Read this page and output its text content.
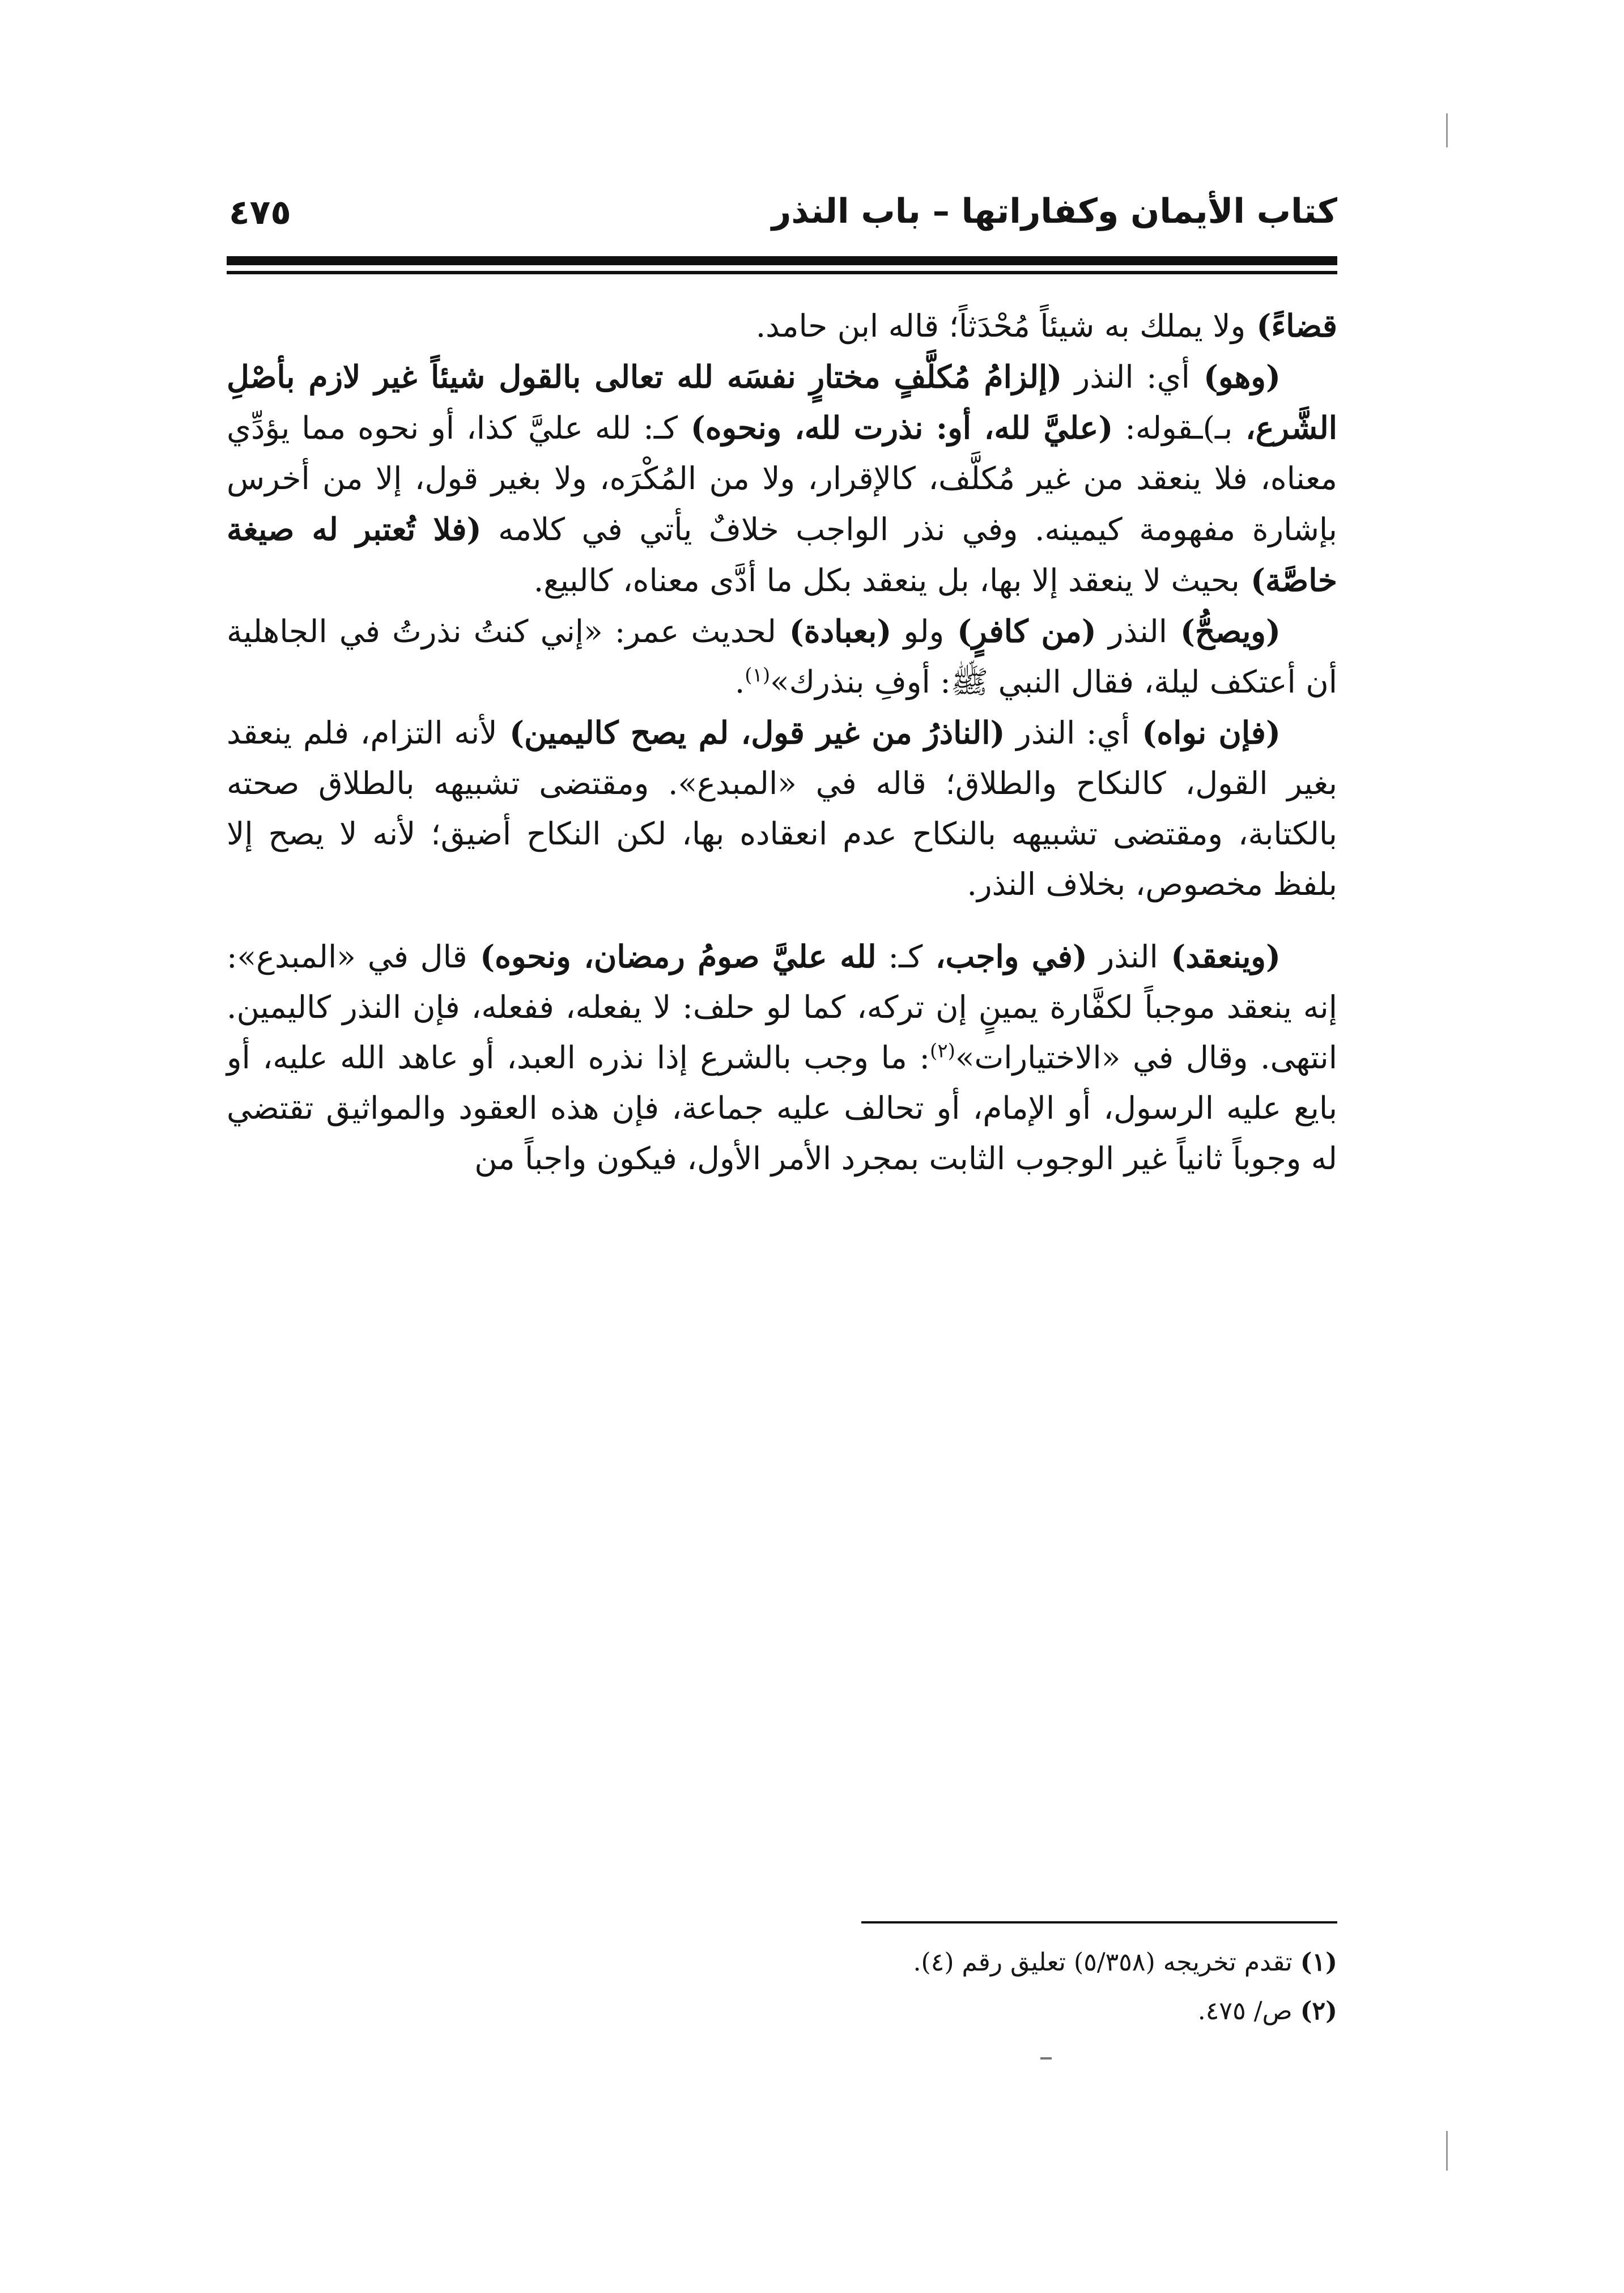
كتاب الأيمان وكفاراتها – باب النذر
٤٧٥

قضاءً) ولا يملك به شيئاً مُحْدَثاً؛ قاله ابن حامد.

(وهو) أي: النذر (إلزامُ مُكلَّفٍ مختارٍ نفسَه لله تعالى بالقول شيئاً غير لازم بأصْلِ الشَّرع، بـ)ـقوله: (عليَّ لله، أو: نذرت لله، ونحوه) كـ: لله عليَّ كذا، أو نحوه مما يؤدِّي معناه، فلا ينعقد من غير مُكلَّف، كالإقرار، ولا من المُكْرَه، ولا بغير قول، إلا من أخرس بإشارة مفهومة كيمينه. وفي نذر الواجب خلافٌ يأتي في كلامه (فلا تُعتبر له صيغة خاصَّة) بحيث لا ينعقد إلا بها، بل ينعقد بكل ما أدَّى معناه، كالبيع.

(ويصحُّ) النذر (من كافرٍ) ولو (بعبادة) لحديث عمر: «إني كنتُ نذرتُ في الجاهلية أن أعتكف ليلة، فقال النبي ﷺ: أوفِ بنذرك»$^{(١)}$.

(فإن نواه) أي: النذر (الناذرُ من غير قول، لم يصح كاليمين) لأنه التزام، فلم ينعقد بغير القول، كالنكاح والطلاق؛ قاله في «المبدع». ومقتضى تشبيهه بالطلاق صحته بالكتابة، ومقتضى تشبيهه بالنكاح عدم انعقاده بها، لكن النكاح أضيق؛ لأنه لا يصح إلا بلفظ مخصوص، بخلاف النذر.

(وينعقد) النذر (في واجب، كـ: لله عليَّ صومُ رمضان، ونحوه) قال في «المبدع»: إنه ينعقد موجباً لكفَّارة يمينٍ إن تركه، كما لو حلف: لا يفعله، ففعله، فإن النذر كاليمين. انتهى. وقال في «الاختيارات»$^{(٢)}$: ما وجب بالشرع إذا نذره العبد، أو عاهد الله عليه، أو بايع عليه الرسول، أو الإمام، أو تحالف عليه جماعة، فإن هذه العقود والمواثيق تقتضي له وجوباً ثانياً غير الوجوب الثابت بمجرد الأمر الأول، فيكون واجباً من

(١) تقدم تخريجه (٥/٣٥٨) تعليق رقم (٤).

(٢) ص/ ٤٧٥.
